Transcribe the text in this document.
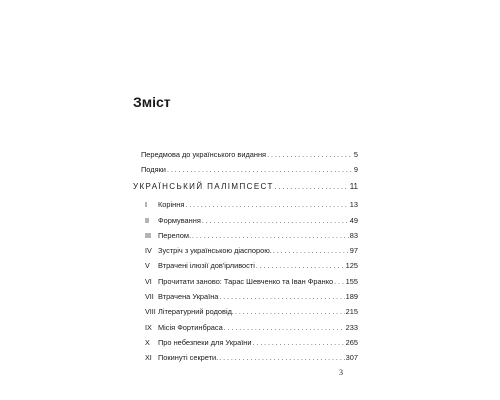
Зміст
Передмова до українського видання . . .	5
Подяки . . .	9
УКРАЇНСЬКИЙ ПАЛІМПСЕСТ . . .	11
I	Коріння . . .	13
II	Формування . . .	49
III Перелом. . . .	83
IV Зустріч з українською діаспорою. . . .	97
V	Втрачені ілюзії дов'ірливості . . .	125
VI Прочитати заново: Тарас Шевченко та Іван Франко . . . 155
VII Втрачена Україна . . .	189
VIII Літературний родовід. . . .	215
IX Місія Фортинбраса . . .	233
X	Про небезпеки для України . . .	265
XI Покинуті секрети. . . .	307
3
